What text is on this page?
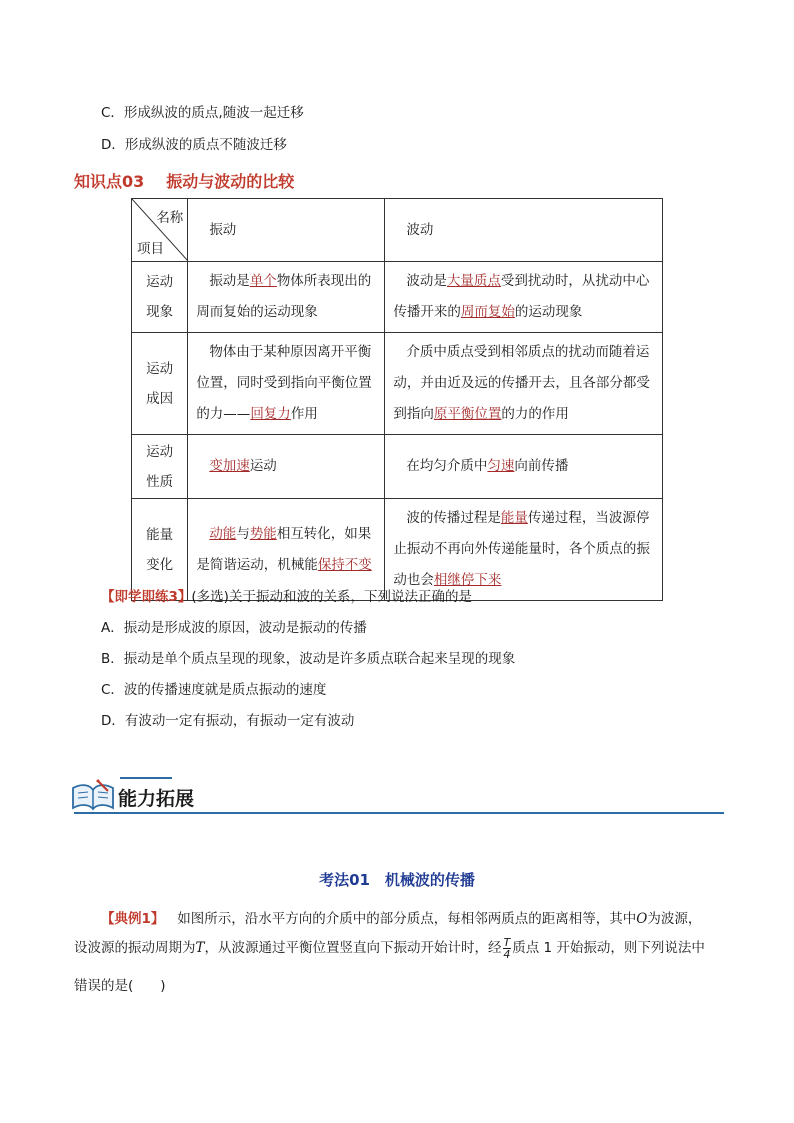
C．形成纵波的质点,随波一起迁移
D．形成纵波的质点不随波迁移
知识点03 振动与波动的比较
名称
项目	振动	波动
运动
现象	振动是单个物体所表现出的周而复始的运动现象	波动是大量质点受到扰动时，从扰动中心传播开来的周而复始的运动现象
运动
成因	物体由于某种原因离开平衡位置，同时受到指向平衡位置的力——回复力作用	介质中质点受到相邻质点的扰动而随着运动，并由近及远的传播开去，且各部分都受到指向原平衡位置的力的作用
运动
性质	变加速运动	在均匀介质中匀速向前传播
能量
变化	动能与势能相互转化，如果是简谐运动，机械能保持不变	波的传播过程是能量传递过程，当波源停止振动不再向外传递能量时，各个质点的振动也会相继停下来
【即学即练3】(多选)关于振动和波的关系，下列说法正确的是
A．振动是形成波的原因，波动是振动的传播
B．振动是单个质点呈现的现象，波动是许多质点联合起来呈现的现象
C．波的传播速度就是质点振动的速度
D．有波动一定有振动，有振动一定有波动
能力拓展
考法01　机械波的传播
【典例1】 如图所示，沿水平方向的介质中的部分质点，每相邻两质点的距离相等，其中O为波源，
设波源的振动周期为T，从波源通过平衡位置竖直向下振动开始计时，经 $\frac{T}{4}$ 质点 1 开始振动，则下列说法中
错误的是(　　)
